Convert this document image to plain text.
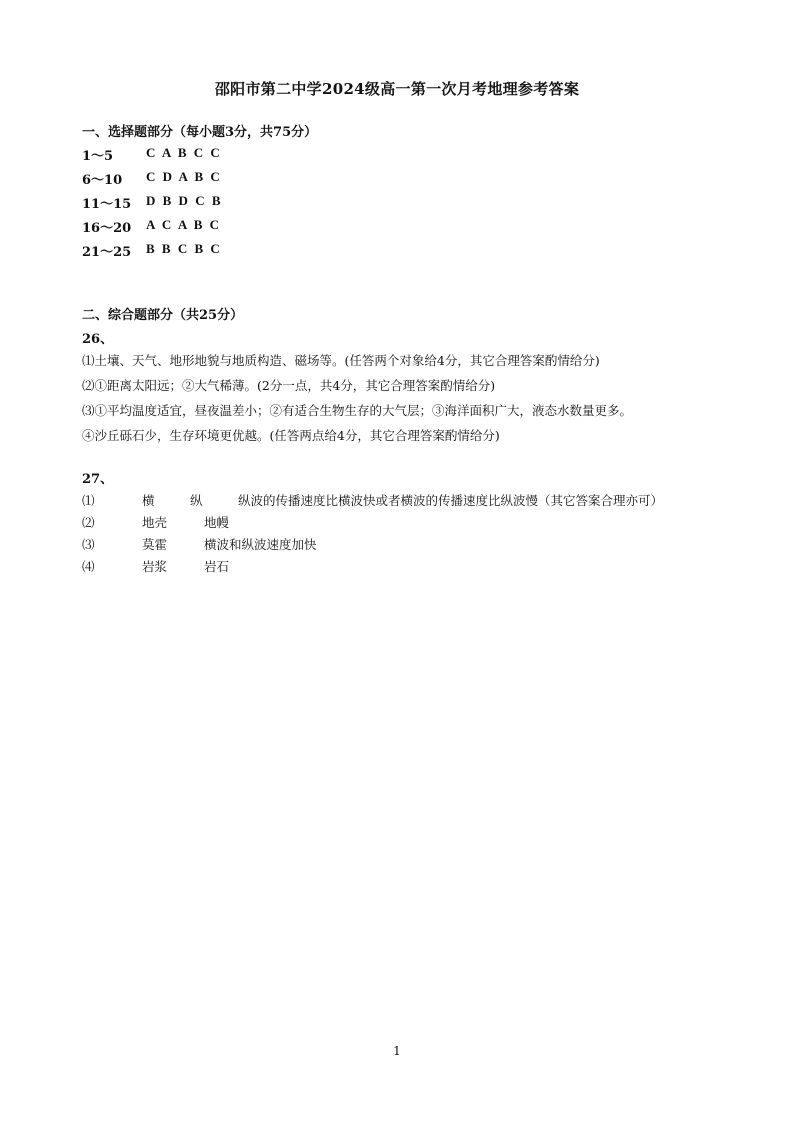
邵阳市第二中学2024级高一第一次月考地理参考答案
一、选择题部分（每小题3分，共75分）
1～5	C A B C C
6～10	C D A B C
11～15	D B D C B
16～20	A C A B C
21～25	B B C B C
二、综合题部分（共25分）
26、
⑴土壤、天气、地形地貌与地质构造、磁场等。(任答两个对象给4分，其它合理答案酌情给分)
⑵①距离太阳远；②大气稀薄。(2分一点，共4分，其它合理答案酌情给分)
⑶①平均温度适宜，昼夜温差小；②有适合生物生存的大气层；③海洋面积广大，液态水数量更多。
④沙丘砾石少，生存环境更优越。(任答两点给4分，其它合理答案酌情给分)
27、
⑴	横	纵	纵波的传播速度比横波快或者横波的传播速度比纵波慢（其它答案合理亦可）
⑵	地壳	地幔
⑶	莫霍	横波和纵波速度加快
⑷	岩浆	岩石
1
